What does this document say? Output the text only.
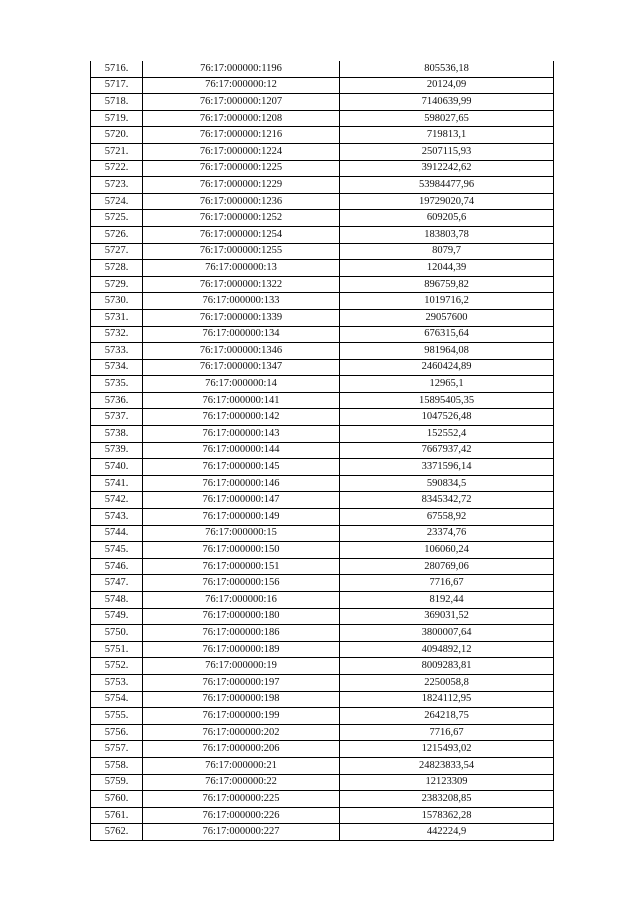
5716.	76:17:000000:1196	805536,18
5717.	76:17:000000:12	20124,09
5718.	76:17:000000:1207	7140639,99
5719.	76:17:000000:1208	598027,65
5720.	76:17:000000:1216	719813,1
5721.	76:17:000000:1224	2507115,93
5722.	76:17:000000:1225	3912242,62
5723.	76:17:000000:1229	53984477,96
5724.	76:17:000000:1236	19729020,74
5725.	76:17:000000:1252	609205,6
5726.	76:17:000000:1254	183803,78
5727.	76:17:000000:1255	8079,7
5728.	76:17:000000:13	12044,39
5729.	76:17:000000:1322	896759,82
5730.	76:17:000000:133	1019716,2
5731.	76:17:000000:1339	29057600
5732.	76:17:000000:134	676315,64
5733.	76:17:000000:1346	981964,08
5734.	76:17:000000:1347	2460424,89
5735.	76:17:000000:14	12965,1
5736.	76:17:000000:141	15895405,35
5737.	76:17:000000:142	1047526,48
5738.	76:17:000000:143	152552,4
5739.	76:17:000000:144	7667937,42
5740.	76:17:000000:145	3371596,14
5741.	76:17:000000:146	590834,5
5742.	76:17:000000:147	8345342,72
5743.	76:17:000000:149	67558,92
5744.	76:17:000000:15	23374,76
5745.	76:17:000000:150	106060,24
5746.	76:17:000000:151	280769,06
5747.	76:17:000000:156	7716,67
5748.	76:17:000000:16	8192,44
5749.	76:17:000000:180	369031,52
5750.	76:17:000000:186	3800007,64
5751.	76:17:000000:189	4094892,12
5752.	76:17:000000:19	8009283,81
5753.	76:17:000000:197	2250058,8
5754.	76:17:000000:198	1824112,95
5755.	76:17:000000:199	264218,75
5756.	76:17:000000:202	7716,67
5757.	76:17:000000:206	1215493,02
5758.	76:17:000000:21	24823833,54
5759.	76:17:000000:22	12123309
5760.	76:17:000000:225	2383208,85
5761.	76:17:000000:226	1578362,28
5762.	76:17:000000:227	442224,9
